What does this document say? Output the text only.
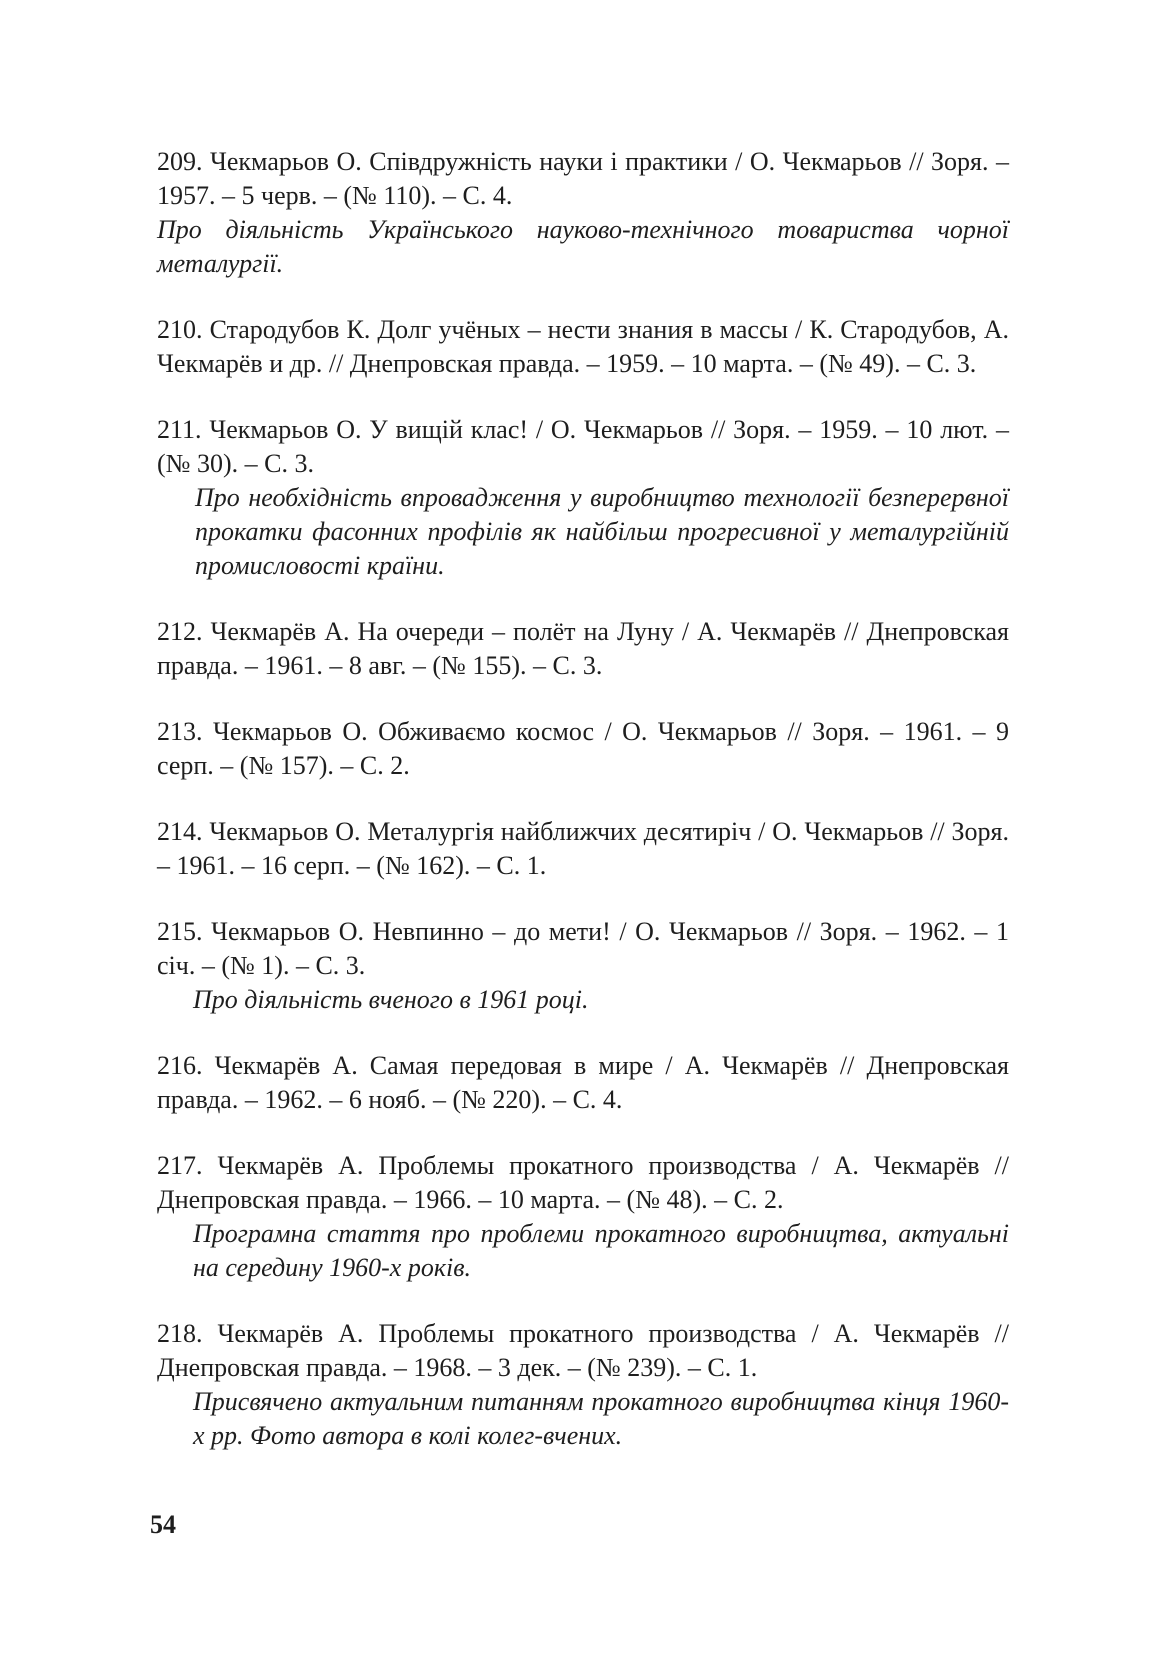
209. Чекмарьов О. Співдружність науки і практики / О. Чекмарьов // Зоря. – 1957. – 5 черв. – (№ 110). – С. 4.

Про діяльність Українського науково-технічного товариства чорної металургії.

210. Стародубов К. Долг учёных – нести знания в массы / К. Стародубов, А. Чекмарёв и др. // Днепровская правда. – 1959. – 10 марта. – (№ 49). – С. 3.

211. Чекмарьов О. У вищій клас! / О. Чекмарьов // Зоря. – 1959. – 10 лют. – (№ 30). – С. 3.

Про необхідність впровадження у виробництво технології безперервної прокатки фасонних профілів як найбільш прогресивної у металургійній промисловості країни.

212. Чекмарёв А. На очереди – полёт на Луну / А. Чекмарёв // Днепровская правда. – 1961. – 8 авг. – (№ 155). – С. 3.

213. Чекмарьов О. Обживаємо космос / О. Чекмарьов // Зоря. – 1961. – 9 серп. – (№ 157). – С. 2.

214. Чекмарьов О. Металургія найближчих десятиріч / О. Чекмарьов // Зоря. – 1961. – 16 серп. – (№ 162). – С. 1.

215. Чекмарьов О. Невпинно – до мети! / О. Чекмарьов // Зоря. – 1962. – 1 січ. – (№ 1). – С. 3.

Про діяльність вченого в 1961 році.

216. Чекмарёв А. Самая передовая в мире / А. Чекмарёв // Днепровская правда. – 1962. – 6 нояб. – (№ 220). – С. 4.

217. Чекмарёв А. Проблемы прокатного производства / А. Чекмарёв // Днепровская правда. – 1966. – 10 марта. – (№ 48). – С. 2.

Програмна стаття про проблеми прокатного виробництва, актуальні на середину 1960-х років.

218. Чекмарёв А. Проблемы прокатного производства / А. Чекмарёв // Днепровская правда. – 1968. – 3 дек. – (№ 239). – С. 1.

Присвячено актуальним питанням прокатного виробництва кінця 1960-х рр. Фото автора в колі колег-вчених.

54
